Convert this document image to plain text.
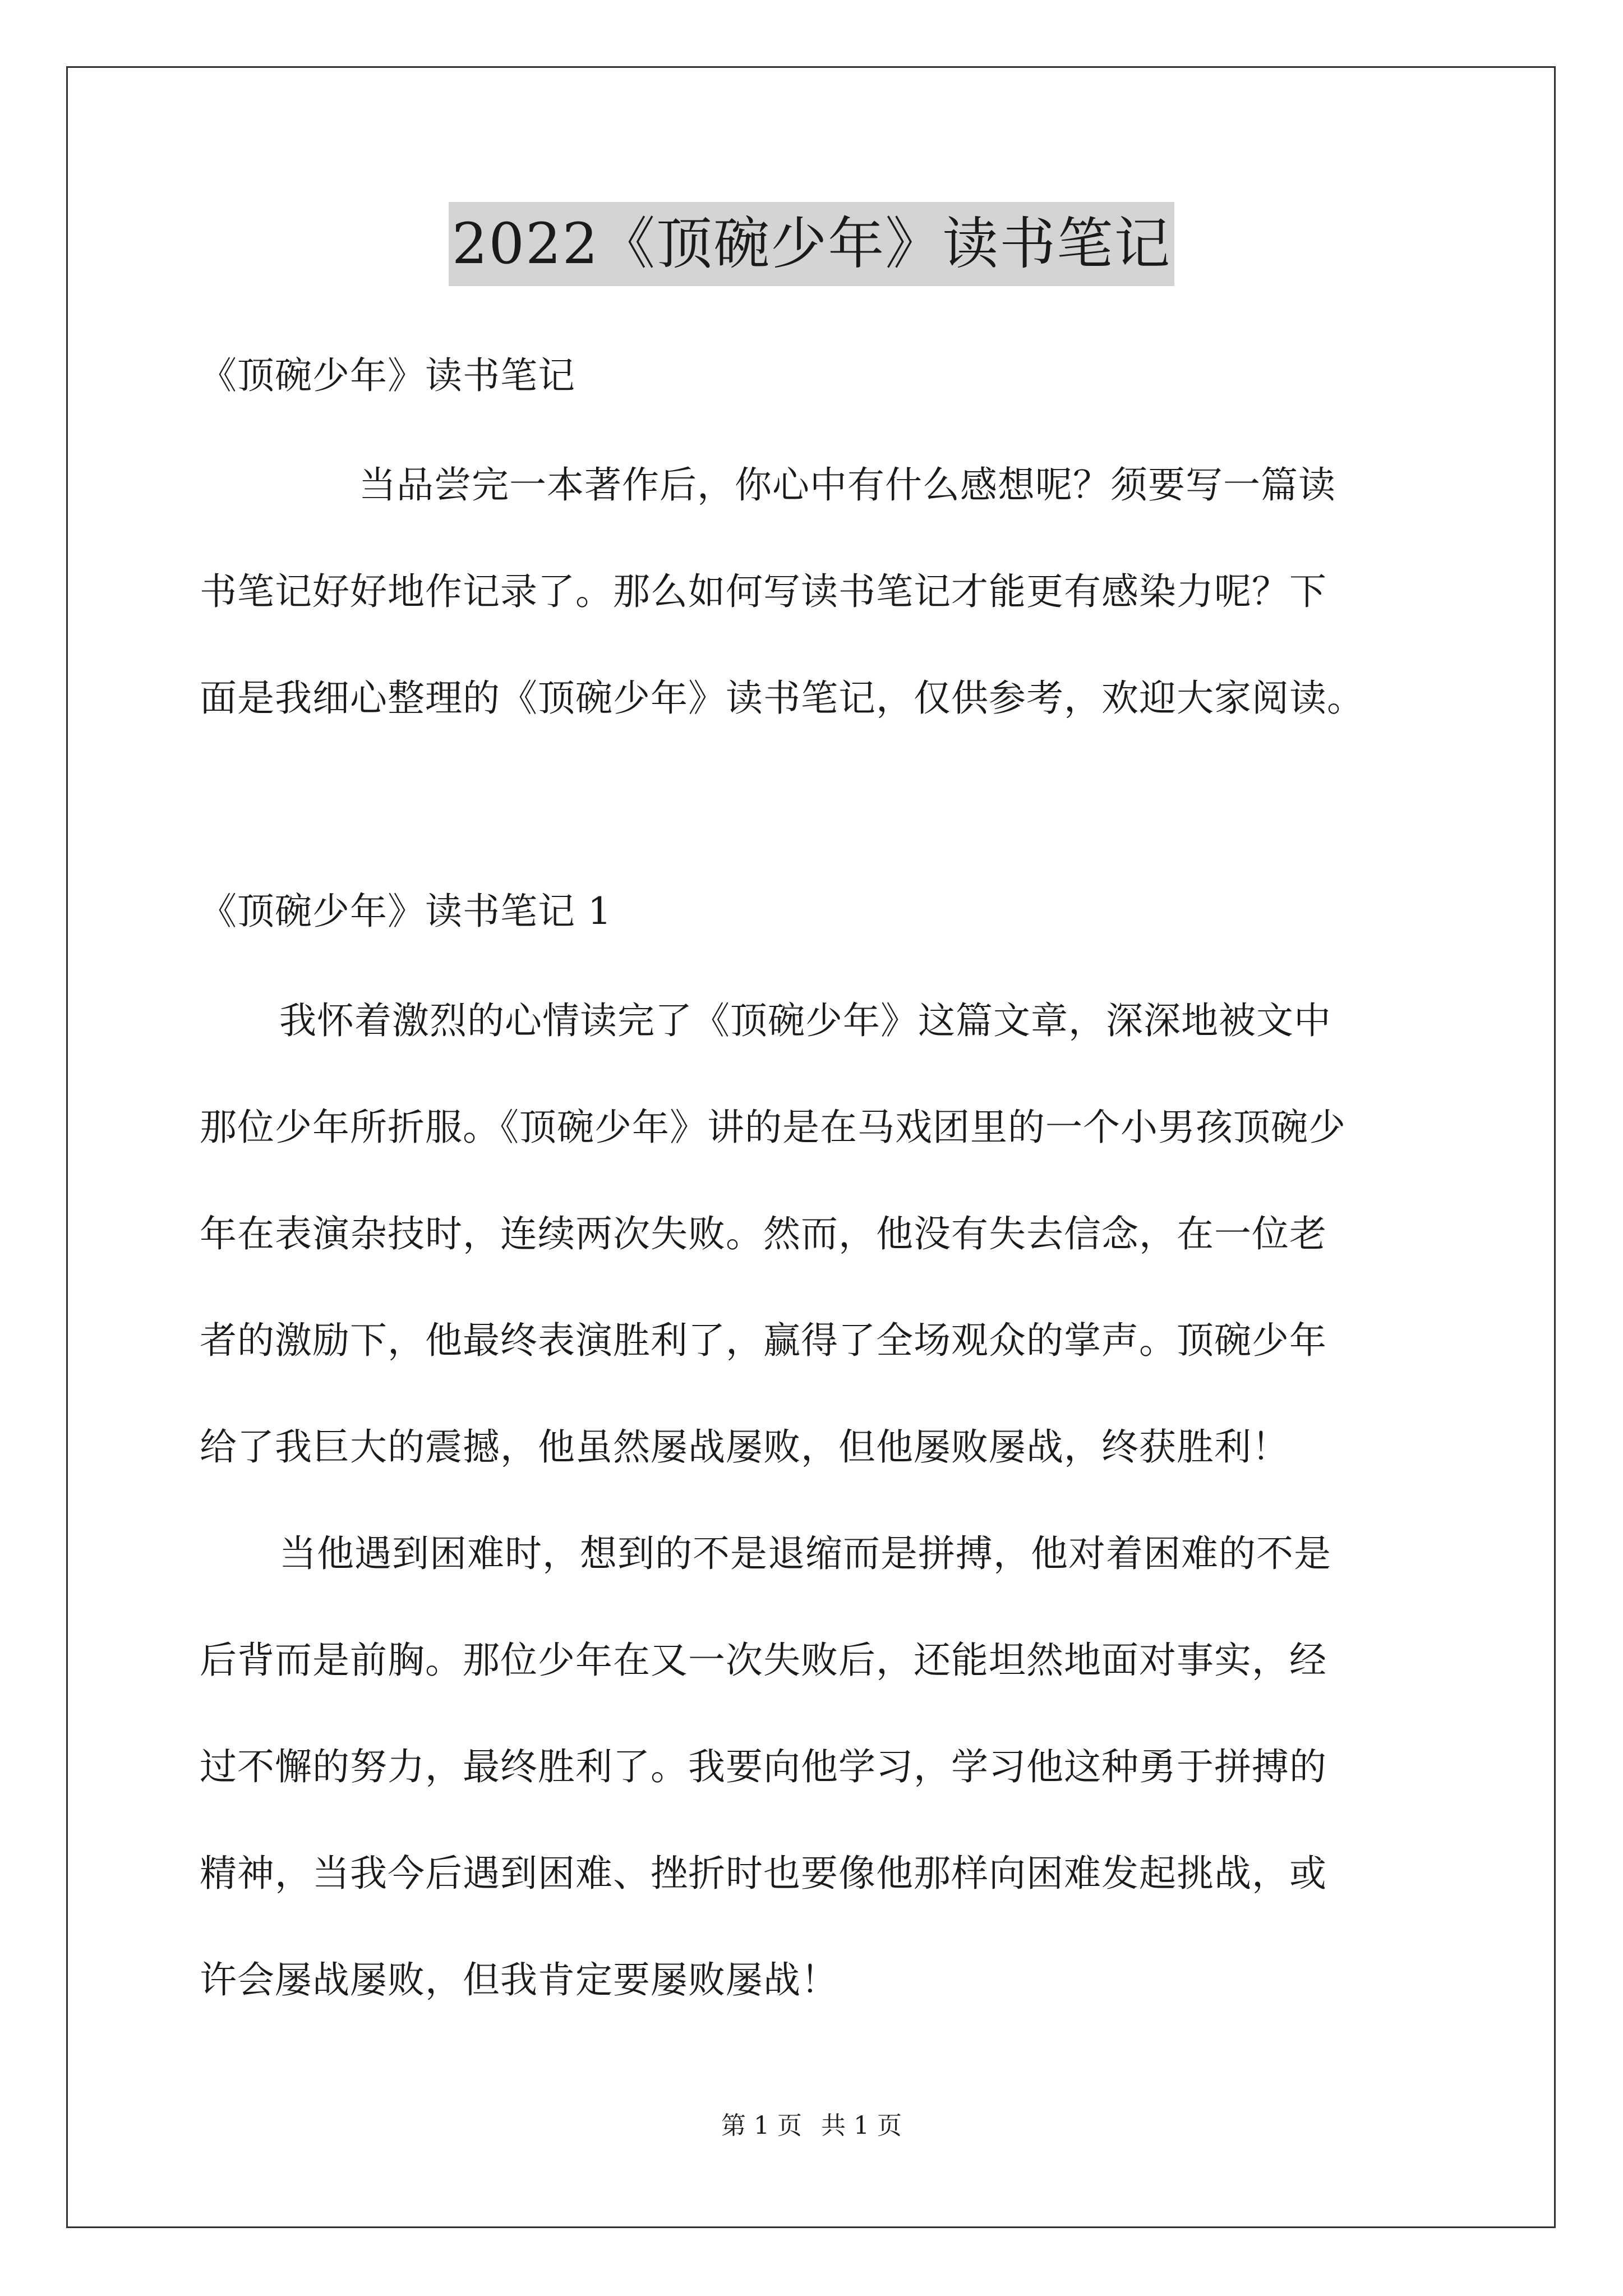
2022《顶碗少年》读书笔记
《顶碗少年》读书笔记
当品尝完一本著作后，你心中有什么感想呢？须要写一篇读
书笔记好好地作记录了。那么如何写读书笔记才能更有感染力呢？下
面是我细心整理的《顶碗少年》读书笔记，仅供参考，欢迎大家阅读。
《顶碗少年》读书笔记 1
我怀着激烈的心情读完了《顶碗少年》这篇文章，深深地被文中
那位少年所折服。《顶碗少年》讲的是在马戏团里的一个小男孩顶碗少
年在表演杂技时，连续两次失败。然而，他没有失去信念，在一位老
者的激励下，他最终表演胜利了，赢得了全场观众的掌声。顶碗少年
给了我巨大的震撼，他虽然屡战屡败，但他屡败屡战，终获胜利！
当他遇到困难时，想到的不是退缩而是拼搏，他对着困难的不是
后背而是前胸。那位少年在又一次失败后，还能坦然地面对事实，经
过不懈的努力，最终胜利了。我要向他学习，学习他这种勇于拼搏的
精神，当我今后遇到困难、挫折时也要像他那样向困难发起挑战，或
许会屡战屡败，但我肯定要屡败屡战！
第 1 页 共 1 页
